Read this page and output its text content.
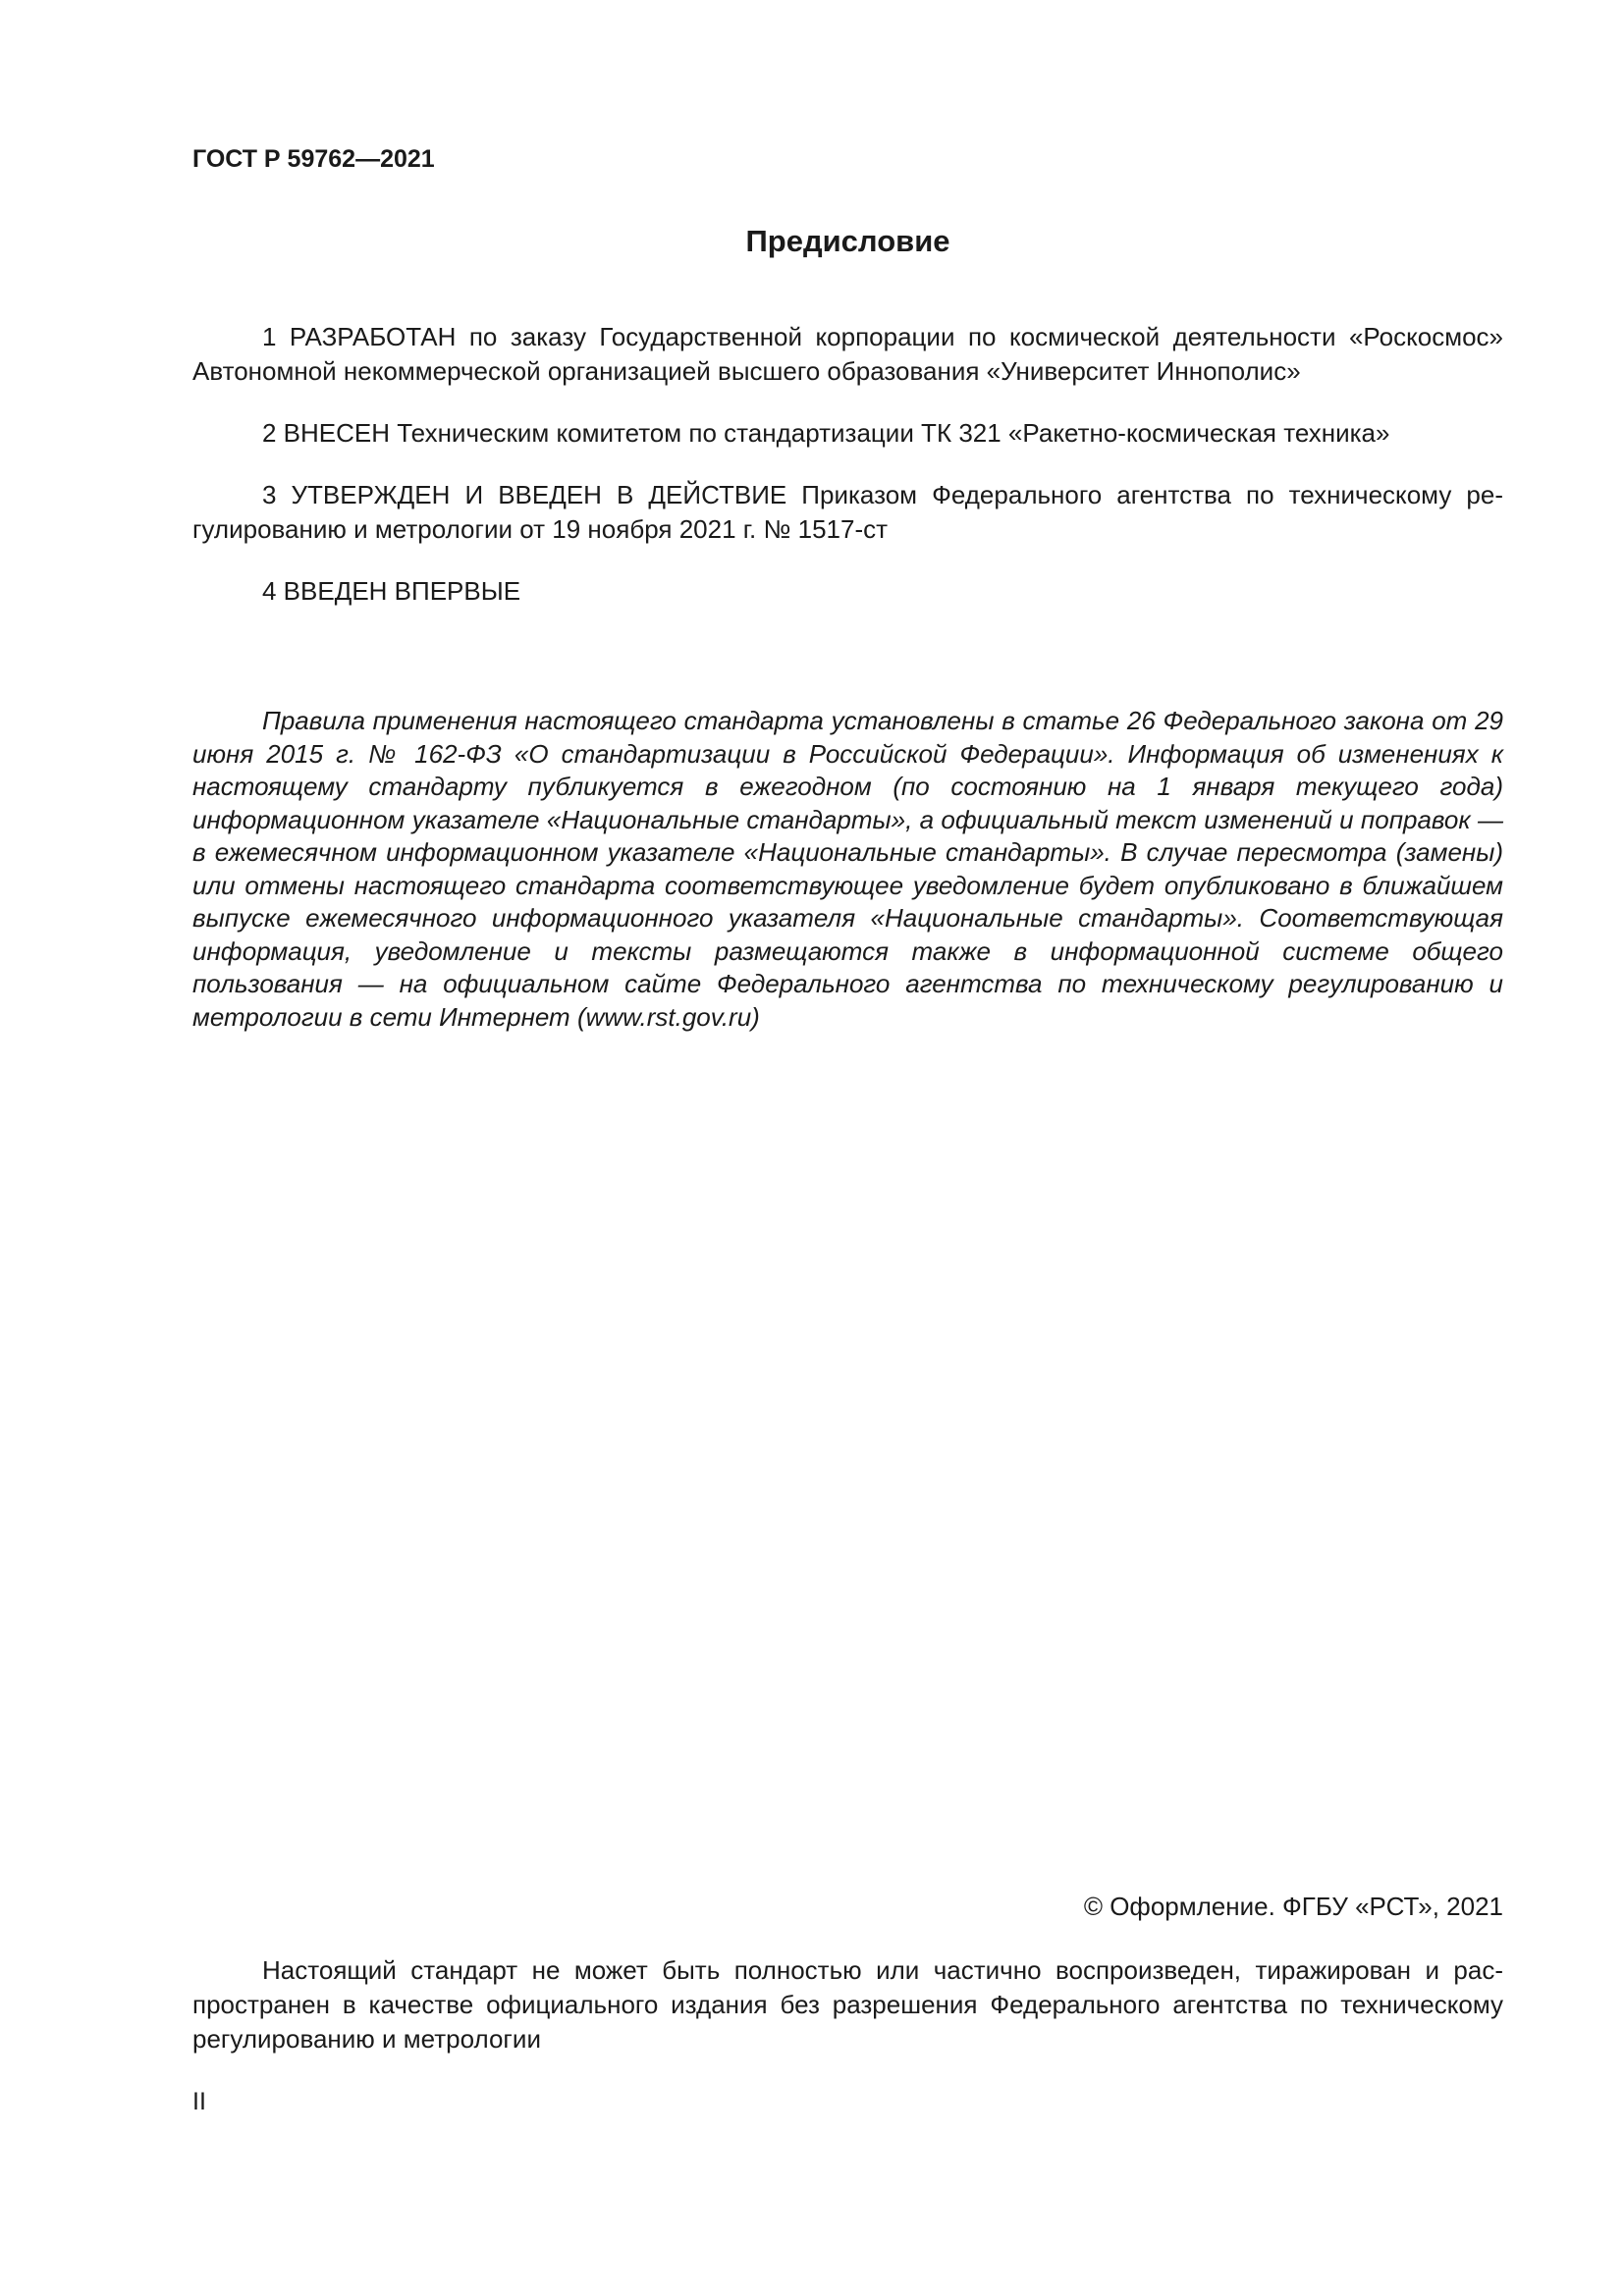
ГОСТ Р 59762—2021

Предисловие

1 РАЗРАБОТАН по заказу Государственной корпорации по космической деятельности «Роскосмос» Автономной некоммерческой организацией высшего образования «Университет Иннополис»

2 ВНЕСЕН Техническим комитетом по стандартизации ТК 321 «Ракетно-космическая техника»

3 УТВЕРЖДЕН И ВВЕДЕН В ДЕЙСТВИЕ Приказом Федерального агентства по техническому регулированию и метрологии от 19 ноября 2021 г. № 1517-ст

4 ВВЕДЕН ВПЕРВЫЕ

Правила применения настоящего стандарта установлены в статье 26 Федерального закона от 29 июня 2015 г. № 162-ФЗ «О стандартизации в Российской Федерации». Информация об изменениях к настоящему стандарту публикуется в ежегодном (по состоянию на 1 января текущего года) информационном указателе «Национальные стандарты», а официальный текст изменений и поправок — в ежемесячном информационном указателе «Национальные стандарты». В случае пересмотра (замены) или отмены настоящего стандарта соответствующее уведомление будет опубликовано в ближайшем выпуске ежемесячного информационного указателя «Национальные стандарты». Соответствующая информация, уведомление и тексты размещаются также в информационной системе общего пользования — на официальном сайте Федерального агентства по техническому регулированию и метрологии в сети Интернет (www.rst.gov.ru)

© Оформление. ФГБУ «РСТ», 2021

Настоящий стандарт не может быть полностью или частично воспроизведен, тиражирован и распространен в качестве официального издания без разрешения Федерального агентства по техническому регулированию и метрологии

II
